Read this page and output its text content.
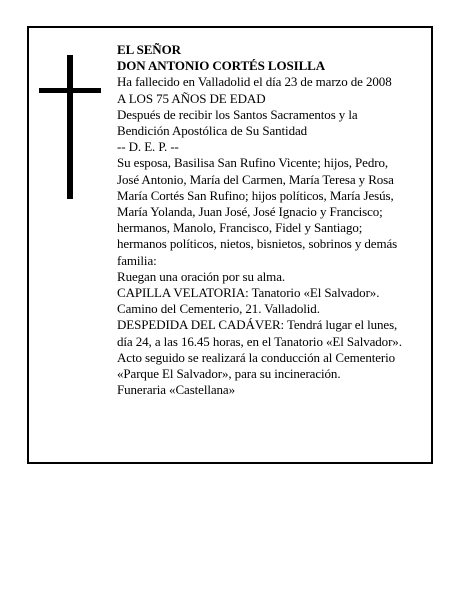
EL SEÑOR
DON ANTONIO CORTÉS LOSILLA
Ha fallecido en Valladolid el día 23 de marzo de 2008
A LOS 75 AÑOS DE EDAD
Después de recibir los Santos Sacramentos y la
Bendición Apostólica de Su Santidad
-- D. E. P. --
Su esposa, Basilisa San Rufino Vicente; hijos, Pedro,
José Antonio, María del Carmen, María Teresa y Rosa
María Cortés San Rufino; hijos políticos, María Jesús,
María Yolanda, Juan José, José Ignacio y Francisco;
hermanos, Manolo, Francisco, Fidel y Santiago;
hermanos políticos, nietos, bisnietos, sobrinos y demás
familia:
Ruegan una oración por su alma.
CAPILLA VELATORIA: Tanatorio «El Salvador».
Camino del Cementerio, 21. Valladolid.
DESPEDIDA DEL CADÁVER: Tendrá lugar el lunes,
día 24, a las 16.45 horas, en el Tanatorio «El Salvador».
Acto seguido se realizará la conducción al Cementerio
«Parque El Salvador», para su incineración.
Funeraria «Castellana»
